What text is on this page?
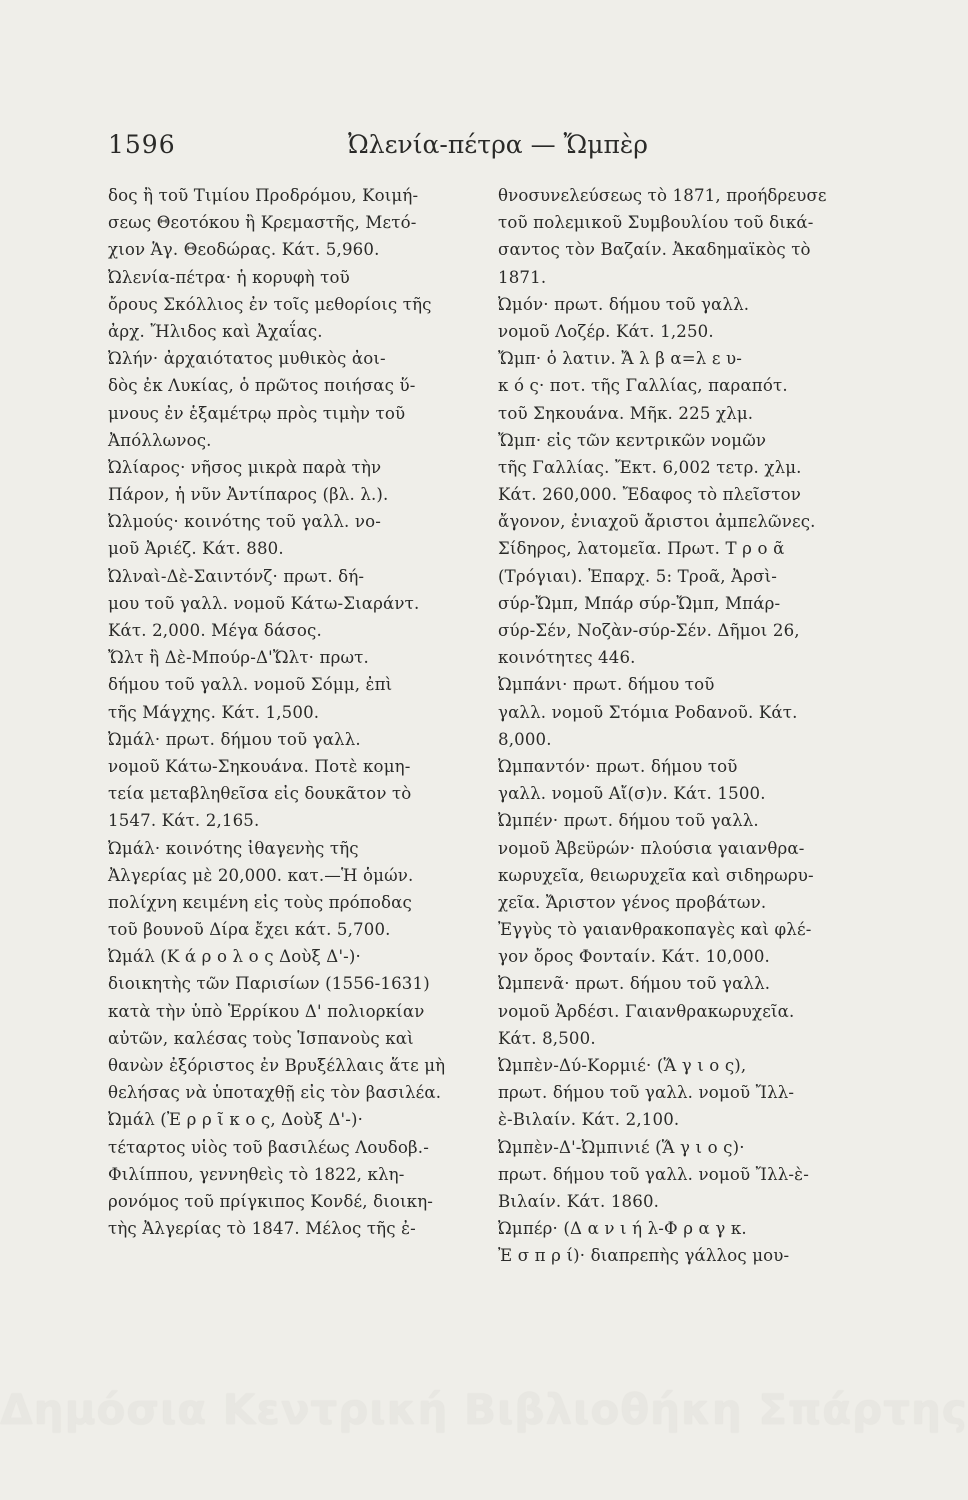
1596	Ὠλενία-πέτρα — Ὤμπὲρ
δος ἢ τοῦ Τιμίου Προδρόμου, Κοιμή-
σεως Θεοτόκου ἢ Κρεμαστῆς, Μετό-
χιον Ἁγ. Θεοδώρας. Κάτ. 5,960.
Ὠλενία-πέτρα· ἡ κορυφὴ τοῦ
ὄρους Σκόλλιος ἐν τοῖς μεθορίοις τῆς
ἀρχ. Ἤλιδος καὶ Ἀχαΐας.
Ὠλήν· ἀρχαιότατος μυθικὸς ἀοι-
δὸς ἐκ Λυκίας, ὁ πρῶτος ποιήσας ὕ-
μνους ἐν ἑξαμέτρῳ πρὸς τιμὴν τοῦ
Ἀπόλλωνος.
Ὠλίαρος· νῆσος μικρὰ παρὰ τὴν
Πάρον, ἡ νῦν Ἀντίπαρος (βλ. λ.).
Ὠλμούς· κοινότης τοῦ γαλλ. νο-
μοῦ Ἀριέζ. Κάτ. 880.
Ὠλναὶ-Δὲ-Σαιντόνζ· πρωτ. δή-
μου τοῦ γαλλ. νομοῦ Κάτω-Σιαράντ.
Κάτ. 2,000. Μέγα δάσος.
Ὤλτ ἢ Δὲ-Μπούρ-Δ'Ὤλτ· πρωτ.
δήμου τοῦ γαλλ. νομοῦ Σόμμ, ἐπὶ
τῆς Μάγχης. Κάτ. 1,500.
Ὠμάλ· πρωτ. δήμου τοῦ γαλλ.
νομοῦ Κάτω-Σηκουάνα. Ποτὲ κομη-
τεία μεταβληθεῖσα εἰς δουκᾶτον τὸ
1547. Κάτ. 2,165.
Ὠμάλ· κοινότης ἰθαγενὴς τῆς
Ἀλγερίας μὲ 20,000. κατ.—Ἡ ὁμών.
πολίχνη κειμένη εἰς τοὺς πρόποδας
τοῦ βουνοῦ Δίρα ἔχει κάτ. 5,700.
Ὠμάλ (Κ ά ρ ο λ ο ς Δοὺξ Δ'-)·
διοικητὴς τῶν Παρισίων (1556-1631)
κατὰ τὴν ὑπὸ Ἑρρίκου Δ' πολιορκίαν
αὐτῶν, καλέσας τοὺς Ἱσπανοὺς καὶ
θανὼν ἐξόριστος ἐν Βρυξέλλαις ἅτε μὴ
θελήσας νὰ ὑποταχθῇ εἰς τὸν βασιλέα.
Ὠμάλ (Ἐ ρ ρ ῖ κ ο ς, Δοὺξ Δ'-)·
τέταρτος υἱὸς τοῦ βασιλέως Λουδοβ.-
Φιλίππου, γεννηθεὶς τὸ 1822, κλη-
ρονόμος τοῦ πρίγκιπος Κονδέ, διοικη-
τὴς Ἀλγερίας τὸ 1847. Μέλος τῆς ἐ-
θνοσυνελεύσεως τὸ 1871, προήδρευσε
τοῦ πολεμικοῦ Συμβουλίου τοῦ δικά-
σαντος τὸν Βαζαίν. Ἀκαδημαϊκὸς τὸ
1871.
Ὠμόν· πρωτ. δήμου τοῦ γαλλ.
νομοῦ Λοζέρ. Κάτ. 1,250.
Ὤμπ· ὁ λατιν. Ἄ λ β α=λ ε υ-
κ ό ς· ποτ. τῆς Γαλλίας, παραπότ.
τοῦ Σηκουάνα. Μῆκ. 225 χλμ.
Ὤμπ· εἰς τῶν κεντρικῶν νομῶν
τῆς Γαλλίας. Ἔκτ. 6,002 τετρ. χλμ.
Κάτ. 260,000. Ἔδαφος τὸ πλεῖστον
ἄγονον, ἐνιαχοῦ ἄριστοι ἀμπελῶνες.
Σίδηρος, λατομεῖα. Πρωτ. Τ ρ ο ᾶ
(Τρόγιαι). Ἐπαρχ. 5: Τροᾶ, Ἀρσὶ-
σύρ-Ὤμπ, Μπάρ σύρ-Ὤμπ, Μπάρ-
σύρ-Σέν, Νοζὰν-σύρ-Σέν. Δῆμοι 26,
κοινότητες 446.
Ὠμπάνι· πρωτ. δήμου τοῦ
γαλλ. νομοῦ Στόμια Ροδανοῦ. Κάτ.
8,000.
Ὠμπαντόν· πρωτ. δήμου τοῦ
γαλλ. νομοῦ Αἴ(σ)ν. Κάτ. 1500.
Ὠμπέν· πρωτ. δήμου τοῦ γαλλ.
νομοῦ Ἀβεϋρών· πλούσια γαιανθρα-
κωρυχεῖα, θειωρυχεῖα καὶ σιδηρωρυ-
χεῖα. Ἄριστον γένος προβάτων.
Ἐγγὺς τὸ γαιανθρακοπαγὲς καὶ φλέ-
γον ὄρος Φονταίν. Κάτ. 10,000.
Ὠμπενᾶ· πρωτ. δήμου τοῦ γαλλ.
νομοῦ Ἀρδέσι. Γαιανθρακωρυχεῖα.
Κάτ. 8,500.
Ὠμπὲν-Δύ-Κορμιέ· (Ἅ γ ι ο ς),
πρωτ. δήμου τοῦ γαλλ. νομοῦ Ἴλλ-
ὲ-Βιλαίν. Κάτ. 2,100.
Ὠμπὲν-Δ'-Ὠμπινιέ (Ἅ γ ι ο ς)·
πρωτ. δήμου τοῦ γαλλ. νομοῦ Ἴλλ-ὲ-
Βιλαίν. Κάτ. 1860.
Ὠμπέρ· (Δ α ν ι ή λ-Φ ρ α γ κ.
Ἐ σ π ρ ί)· διαπρεπὴς γάλλος μου-
Δημόσια Κεντρική Βιβλιοθήκη Σπάρτης
